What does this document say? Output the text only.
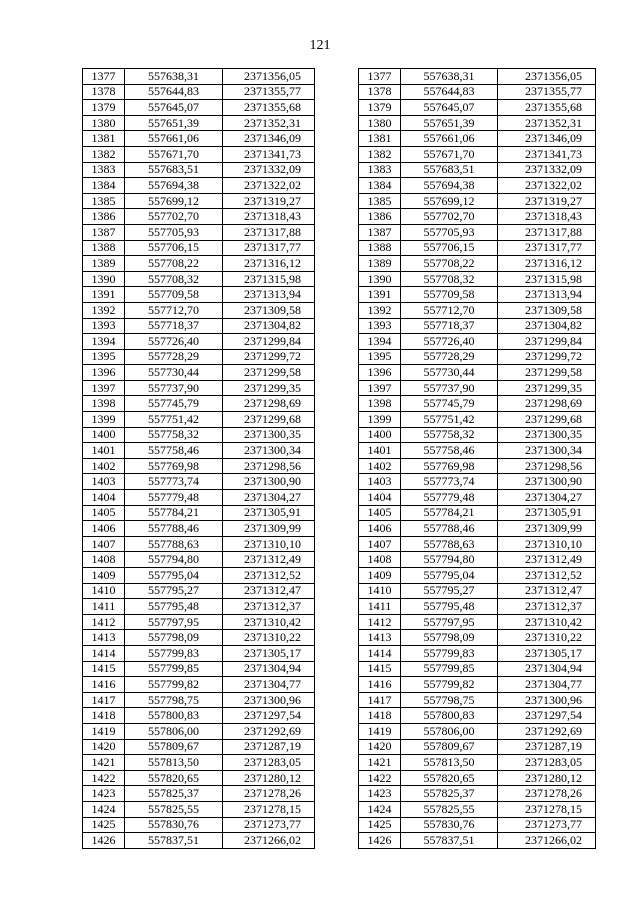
121
1377	557638,31	2371356,05		1377	557638,31	2371356,05
1378	557644,83	2371355,77		1378	557644,83	2371355,77
1379	557645,07	2371355,68		1379	557645,07	2371355,68
1380	557651,39	2371352,31		1380	557651,39	2371352,31
1381	557661,06	2371346,09		1381	557661,06	2371346,09
1382	557671,70	2371341,73		1382	557671,70	2371341,73
1383	557683,51	2371332,09		1383	557683,51	2371332,09
1384	557694,38	2371322,02		1384	557694,38	2371322,02
1385	557699,12	2371319,27		1385	557699,12	2371319,27
1386	557702,70	2371318,43		1386	557702,70	2371318,43
1387	557705,93	2371317,88		1387	557705,93	2371317,88
1388	557706,15	2371317,77		1388	557706,15	2371317,77
1389	557708,22	2371316,12		1389	557708,22	2371316,12
1390	557708,32	2371315,98		1390	557708,32	2371315,98
1391	557709,58	2371313,94		1391	557709,58	2371313,94
1392	557712,70	2371309,58		1392	557712,70	2371309,58
1393	557718,37	2371304,82		1393	557718,37	2371304,82
1394	557726,40	2371299,84		1394	557726,40	2371299,84
1395	557728,29	2371299,72		1395	557728,29	2371299,72
1396	557730,44	2371299,58		1396	557730,44	2371299,58
1397	557737,90	2371299,35		1397	557737,90	2371299,35
1398	557745,79	2371298,69		1398	557745,79	2371298,69
1399	557751,42	2371299,68		1399	557751,42	2371299,68
1400	557758,32	2371300,35		1400	557758,32	2371300,35
1401	557758,46	2371300,34		1401	557758,46	2371300,34
1402	557769,98	2371298,56		1402	557769,98	2371298,56
1403	557773,74	2371300,90		1403	557773,74	2371300,90
1404	557779,48	2371304,27		1404	557779,48	2371304,27
1405	557784,21	2371305,91		1405	557784,21	2371305,91
1406	557788,46	2371309,99		1406	557788,46	2371309,99
1407	557788,63	2371310,10		1407	557788,63	2371310,10
1408	557794,80	2371312,49		1408	557794,80	2371312,49
1409	557795,04	2371312,52		1409	557795,04	2371312,52
1410	557795,27	2371312,47		1410	557795,27	2371312,47
1411	557795,48	2371312,37		1411	557795,48	2371312,37
1412	557797,95	2371310,42		1412	557797,95	2371310,42
1413	557798,09	2371310,22		1413	557798,09	2371310,22
1414	557799,83	2371305,17		1414	557799,83	2371305,17
1415	557799,85	2371304,94		1415	557799,85	2371304,94
1416	557799,82	2371304,77		1416	557799,82	2371304,77
1417	557798,75	2371300,96		1417	557798,75	2371300,96
1418	557800,83	2371297,54		1418	557800,83	2371297,54
1419	557806,00	2371292,69		1419	557806,00	2371292,69
1420	557809,67	2371287,19		1420	557809,67	2371287,19
1421	557813,50	2371283,05		1421	557813,50	2371283,05
1422	557820,65	2371280,12		1422	557820,65	2371280,12
1423	557825,37	2371278,26		1423	557825,37	2371278,26
1424	557825,55	2371278,15		1424	557825,55	2371278,15
1425	557830,76	2371273,77		1425	557830,76	2371273,77
1426	557837,51	2371266,02		1426	557837,51	2371266,02
